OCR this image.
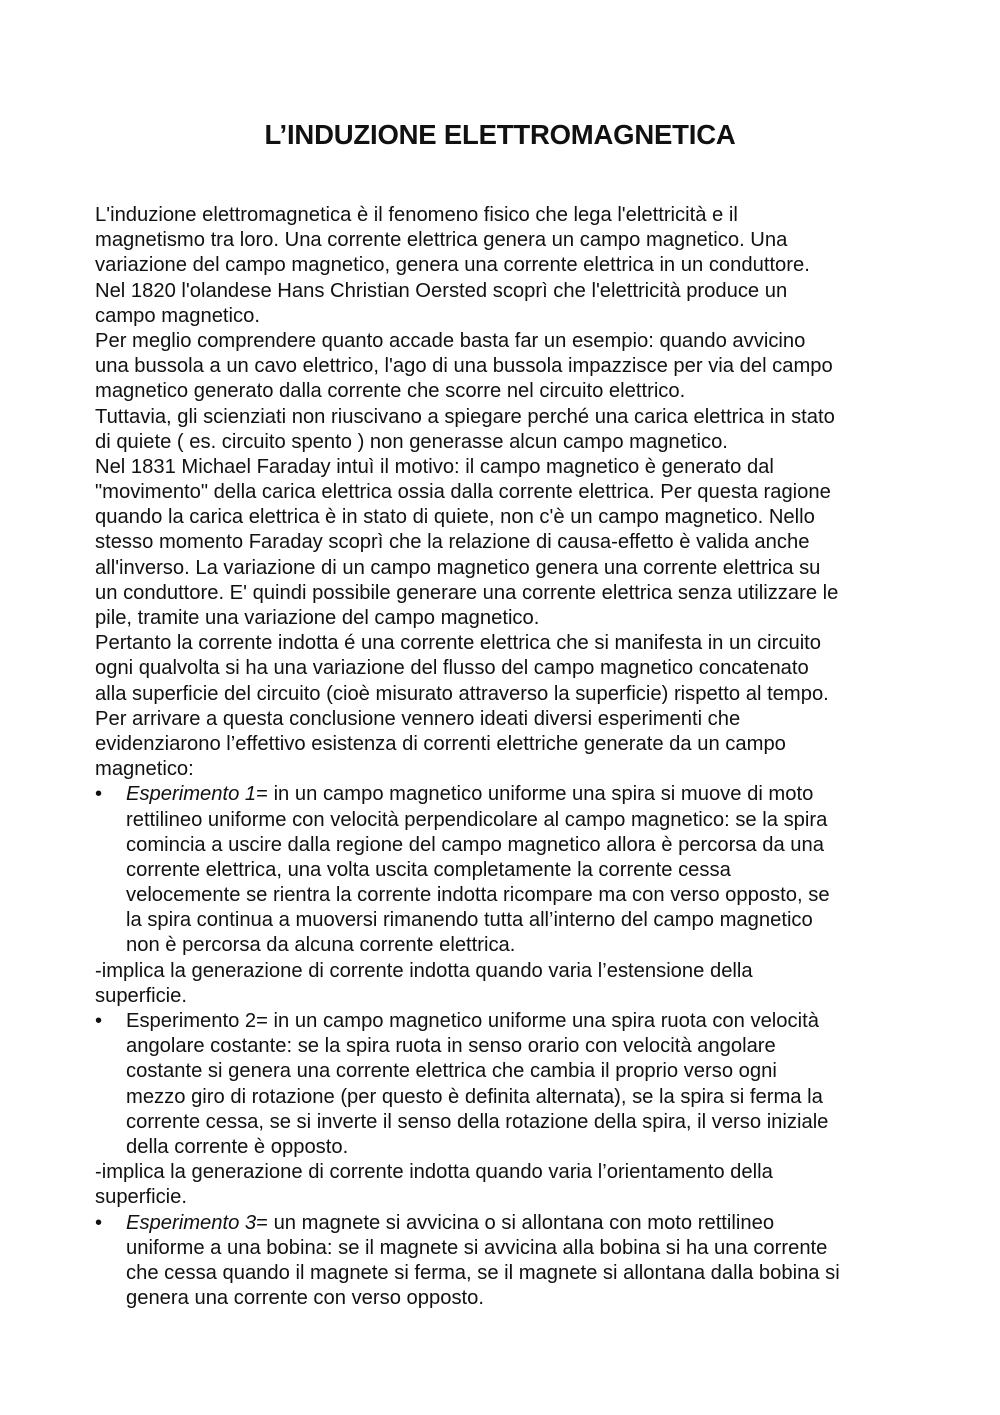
L’INDUZIONE ELETTROMAGNETICA
L'induzione elettromagnetica è il fenomeno fisico che lega l'elettricità e il
magnetismo tra loro. Una corrente elettrica genera un campo magnetico. Una
variazione del campo magnetico, genera una corrente elettrica in un conduttore.
Nel 1820 l'olandese Hans Christian Oersted scoprì che l'elettricità produce un
campo magnetico.
Per meglio comprendere quanto accade basta far un esempio: quando avvicino
una bussola a un cavo elettrico, l'ago di una bussola impazzisce per via del campo
magnetico generato dalla corrente che scorre nel circuito elettrico.
Tuttavia, gli scienziati non riuscivano a spiegare perché una carica elettrica in stato
di quiete ( es. circuito spento ) non generasse alcun campo magnetico.
Nel 1831 Michael Faraday intuì il motivo: il campo magnetico è generato dal
"movimento" della carica elettrica ossia dalla corrente elettrica. Per questa ragione
quando la carica elettrica è in stato di quiete, non c'è un campo magnetico. Nello
stesso momento Faraday scoprì che la relazione di causa-effetto è valida anche
all'inverso. La variazione di un campo magnetico genera una corrente elettrica su
un conduttore. E' quindi possibile generare una corrente elettrica senza utilizzare le
pile, tramite una variazione del campo magnetico.
Pertanto la corrente indotta é una corrente elettrica che si manifesta in un circuito
ogni qualvolta si ha una variazione del flusso del campo magnetico concatenato
alla superficie del circuito (cioè misurato attraverso la superficie) rispetto al tempo.
Per arrivare a questa conclusione vennero ideati diversi esperimenti che
evidenziarono l’effettivo esistenza di correnti elettriche generate da un campo
magnetico:
• Esperimento 1= in un campo magnetico uniforme una spira si muove di moto
rettilineo uniforme con velocità perpendicolare al campo magnetico: se la spira
comincia a uscire dalla regione del campo magnetico allora è percorsa da una
corrente elettrica, una volta uscita completamente la corrente cessa
velocemente se rientra la corrente indotta ricompare ma con verso opposto, se
la spira continua a muoversi rimanendo tutta all’interno del campo magnetico
non è percorsa da alcuna corrente elettrica.
-implica la generazione di corrente indotta quando varia l’estensione della
superficie.
• Esperimento 2= in un campo magnetico uniforme una spira ruota con velocità
angolare costante: se la spira ruota in senso orario con velocità angolare
costante si genera una corrente elettrica che cambia il proprio verso ogni
mezzo giro di rotazione (per questo è definita alternata), se la spira si ferma la
corrente cessa, se si inverte il senso della rotazione della spira, il verso iniziale
della corrente è opposto.
-implica la generazione di corrente indotta quando varia l’orientamento della
superficie.
• Esperimento 3= un magnete si avvicina o si allontana con moto rettilineo
uniforme a una bobina: se il magnete si avvicina alla bobina si ha una corrente
che cessa quando il magnete si ferma, se il magnete si allontana dalla bobina si
genera una corrente con verso opposto.
